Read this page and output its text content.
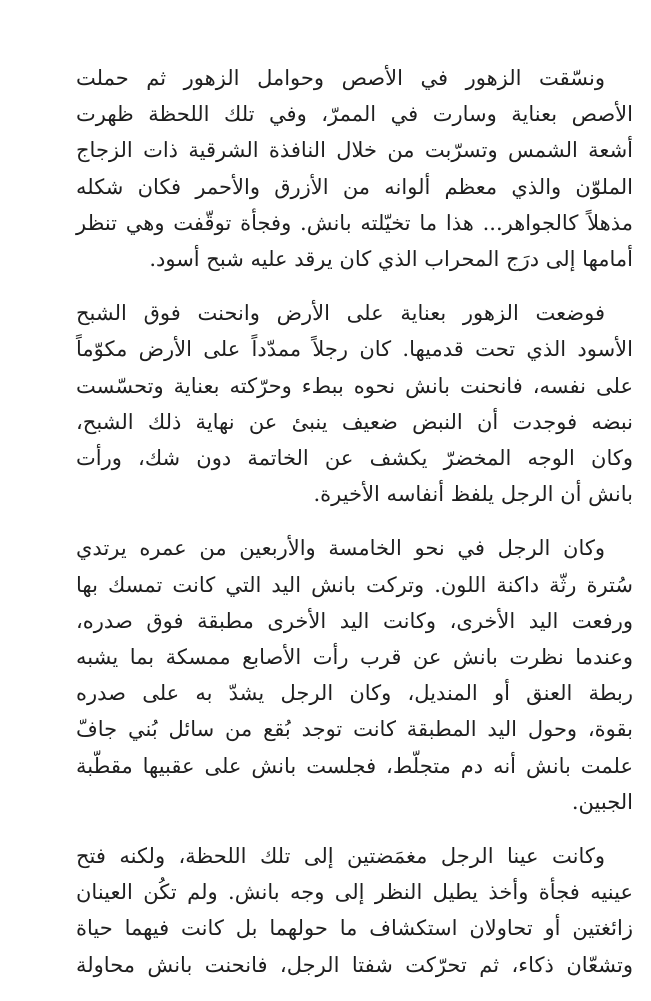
ونسّقت الزهور في الأصص وحوامل الزهور ثم حملت
الأصص بعناية وسارت في الممرّ، وفي تلك اللحظة ظهرت
أشعة الشمس وتسرّبت من خلال النافذة الشرقية ذات الزجاج
الملوّن والذي معظم ألوانه من الأزرق والأحمر فكان شكله
مذهلاً كالجواهر... هذا ما تخيّلته بانش. وفجأة توقّفت وهي تنظر
أمامها إلى درَج المحراب الذي كان يرقد عليه شبح أسود.

فوضعت الزهور بعناية على الأرض وانحنت فوق الشبح
الأسود الذي تحت قدميها. كان رجلاً ممدّداً على الأرض مكوّماً
على نفسه، فانحنت بانش نحوه ببطء وحرّكته بعناية وتحسّست
نبضه فوجدت أن النبض ضعيف ينبئ عن نهاية ذلك الشبح،
وكان الوجه المخضرّ يكشف عن الخاتمة دون شك، ورأت
بانش أن الرجل يلفظ أنفاسه الأخيرة.

وكان الرجل في نحو الخامسة والأربعين من عمره يرتدي
سُترة رثّة داكنة اللون. وتركت بانش اليد التي كانت تمسك بها
ورفعت اليد الأخرى، وكانت اليد الأخرى مطبقة فوق صدره،
وعندما نظرت بانش عن قرب رأت الأصابع ممسكة بما يشبه
ربطة العنق أو المنديل، وكان الرجل يشدّ به على صدره
بقوة، وحول اليد المطبقة كانت توجد بُقع من سائل بُني جافّ
علمت بانش أنه دم متجلّط، فجلست بانش على عقبيها مقطّبة
الجبين.

وكانت عينا الرجل مغمَضتين إلى تلك اللحظة، ولكنه فتح
عينيه فجأة وأخذ يطيل النظر إلى وجه بانش. ولم تكُن العينان
زائغتين أو تحاولان استكشاف ما حولهما بل كانت فيهما حياة
وتشعّان ذكاء، ثم تحرّكت شفتا الرجل، فانحنت بانش محاولة
